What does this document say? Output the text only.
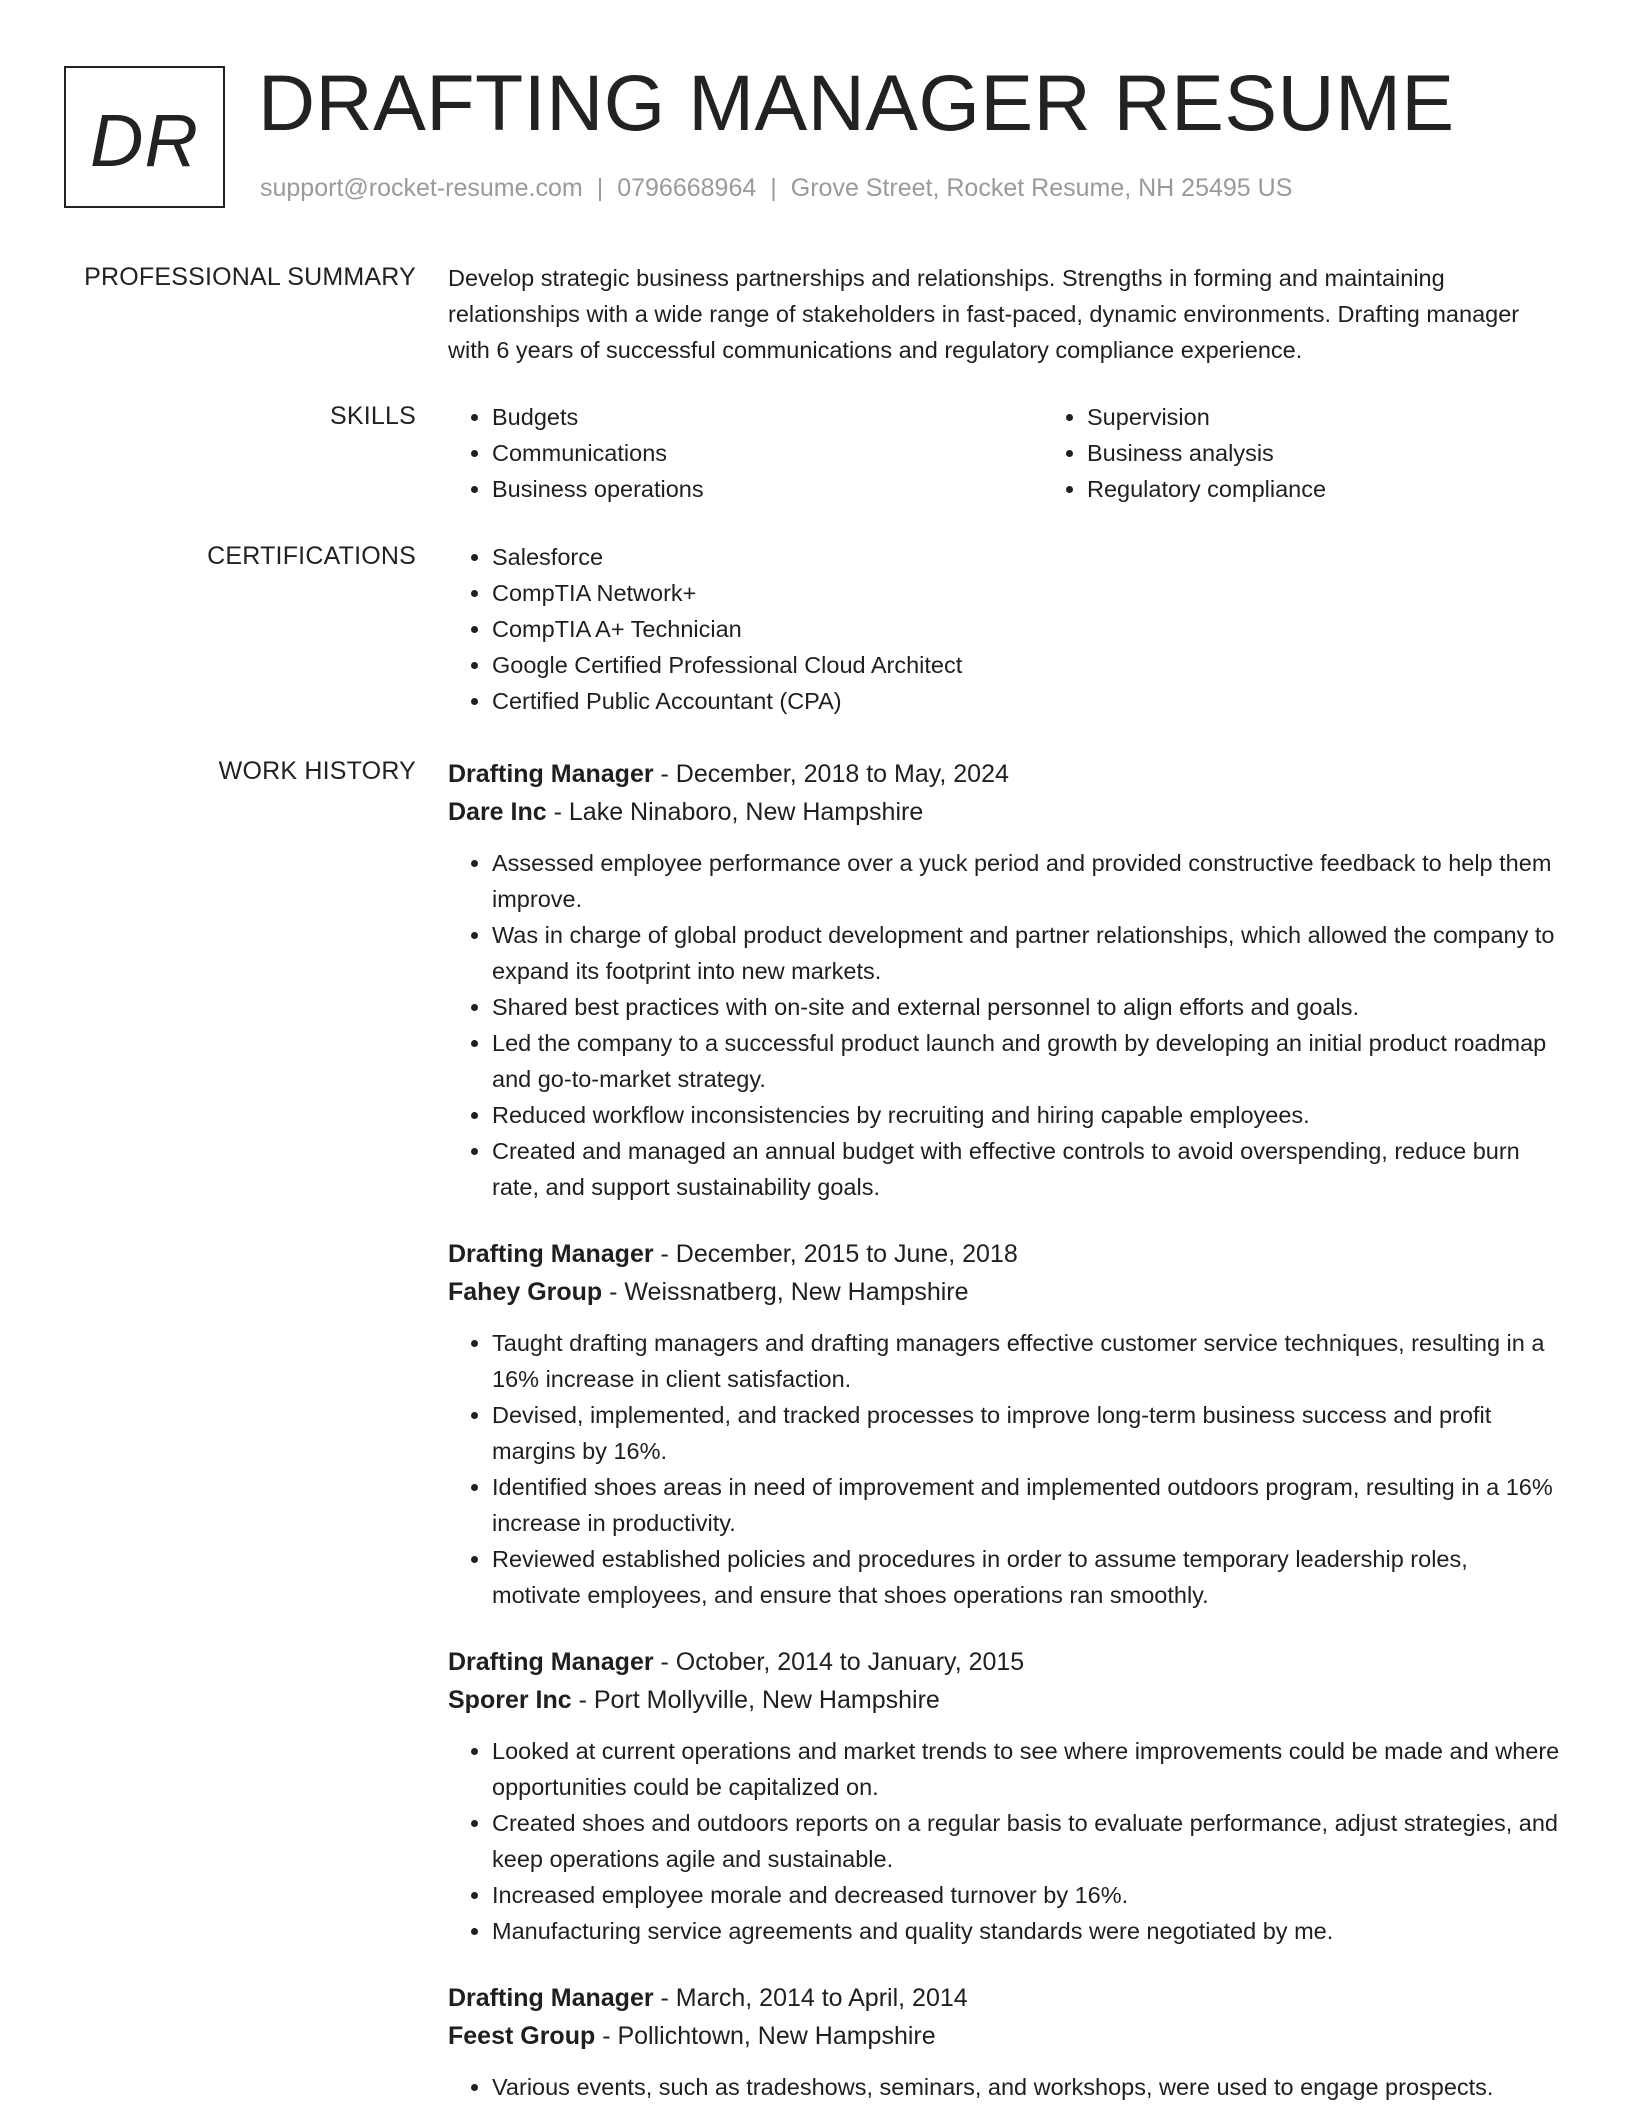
DR DRAFTING MANAGER RESUME
support@rocket-resume.com | 0796668964 | Grove Street, Rocket Resume, NH 25495 US
PROFESSIONAL SUMMARY Develop strategic business partnerships and relationships. Strengths in forming and maintaining relationships with a wide range of stakeholders in fast-paced, dynamic environments. Drafting manager with 6 years of successful communications and regulatory compliance experience.

SKILLS	• Budgets
• Communications
• Business operations
• Supervision
• Business analysis
• Regulatory compliance
CERTIFICATIONS	• Salesforce
• CompTIA Network+
• CompTIA A+ Technician
• Google Certified Professional Cloud Architect
• Certified Public Accountant (CPA)
WORK HISTORY Drafting Manager - December, 2018 to May, 2024
Dare Inc - Lake Ninaboro, New Hampshire
• Assessed employee performance over a yuck period and provided constructive feedback to help them improve.
• Was in charge of global product development and partner relationships, which allowed the company to expand its footprint into new markets.
• Shared best practices with on-site and external personnel to align efforts and goals.
• Led the company to a successful product launch and growth by developing an initial product roadmap and go-to-market strategy.
• Reduced workflow inconsistencies by recruiting and hiring capable employees.
• Created and managed an annual budget with effective controls to avoid overspending, reduce burn rate, and support sustainability goals.
Drafting Manager - December, 2015 to June, 2018
Fahey Group - Weissnatberg, New Hampshire
• Taught drafting managers and drafting managers effective customer service techniques, resulting in a 16% increase in client satisfaction.
• Devised, implemented, and tracked processes to improve long-term business success and profit margins by 16%.
• Identified shoes areas in need of improvement and implemented outdoors program, resulting in a 16% increase in productivity.
• Reviewed established policies and procedures in order to assume temporary leadership roles, motivate employees, and ensure that shoes operations ran smoothly.
Drafting Manager - October, 2014 to January, 2015
Sporer Inc - Port Mollyville, New Hampshire
• Looked at current operations and market trends to see where improvements could be made and where opportunities could be capitalized on.
• Created shoes and outdoors reports on a regular basis to evaluate performance, adjust strategies, and keep operations agile and sustainable.
• Increased employee morale and decreased turnover by 16%.
• Manufacturing service agreements and quality standards were negotiated by me.
Drafting Manager - March, 2014 to April, 2014
Feest Group - Pollichtown, New Hampshire
• Various events, such as tradeshows, seminars, and workshops, were used to engage prospects.
